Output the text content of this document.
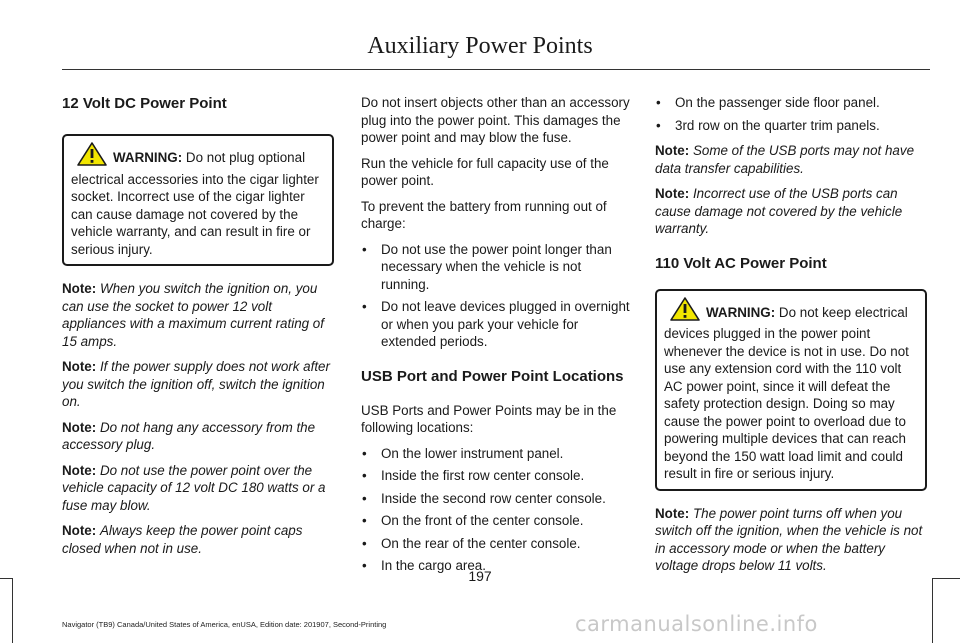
Auxiliary Power Points
12 Volt DC Power Point
WARNING: Do not plug optional electrical accessories into the cigar lighter socket. Incorrect use of the cigar lighter can cause damage not covered by the vehicle warranty, and can result in fire or serious injury.

Note: When you switch the ignition on, you can use the socket to power 12 volt appliances with a maximum current rating of 15 amps.

Note: If the power supply does not work after you switch the ignition off, switch the ignition on.

Note: Do not hang any accessory from the accessory plug.

Note: Do not use the power point over the vehicle capacity of 12 volt DC 180 watts or a fuse may blow.

Note: Always keep the power point caps closed when not in use.

Do not insert objects other than an accessory plug into the power point. This damages the power point and may blow the fuse.

Run the vehicle for full capacity use of the power point.

To prevent the battery from running out of charge:

• Do not use the power point longer than necessary when the vehicle is not running.
• Do not leave devices plugged in overnight or when you park your vehicle for extended periods.
USB Port and Power Point Locations

USB Ports and Power Points may be in the following locations:

• On the lower instrument panel.
• Inside the first row center console.
• Inside the second row center console.
• On the front of the center console.
• On the rear of the center console.
• In the cargo area.
• On the passenger side floor panel.
• 3rd row on the quarter trim panels.

Note: Some of the USB ports may not have data transfer capabilities.

Note: Incorrect use of the USB ports can cause damage not covered by the vehicle warranty.

110 Volt AC Power Point
WARNING: Do not keep electrical devices plugged in the power point whenever the device is not in use. Do not use any extension cord with the 110 volt AC power point, since it will defeat the safety protection design. Doing so may cause the power point to overload due to powering multiple devices that can reach beyond the 150 watt load limit and could result in fire or serious injury.

Note: The power point turns off when you switch off the ignition, when the vehicle is not in accessory mode or when the battery voltage drops below 11 volts.

197
Navigator (TB9) Canada/United States of America, enUSA, Edition date: 201907, Second-Printing	carmanualsonline.info
